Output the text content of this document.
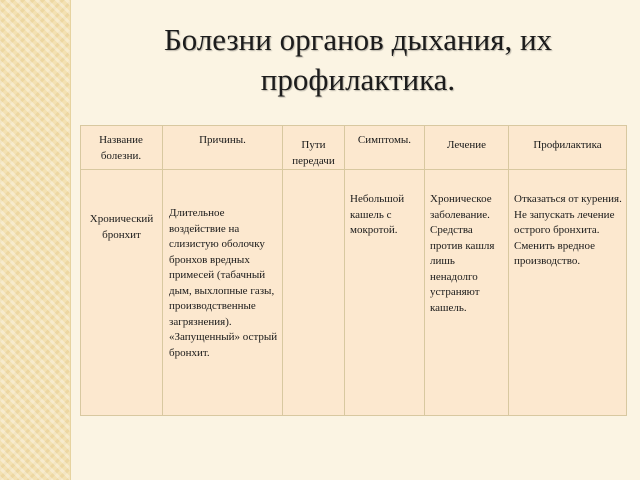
Болезни органов дыхания, их
профилактика.
Название болезни.	Причины.	Пути передачи	Симптомы.	Лечение	Профилактика

Хронический бронхит	Длительное воздействие на слизистую оболочку бронхов вредных примесей (табачный дым, выхлопные газы, производственные загрязнения). «Запущенный» острый бронхит.		Небольшой кашель с мокротой.	Хроническое заболевание. Средства против кашля лишь ненадолго устраняют кашель.	Отказаться от курения. Не запускать лечение острого бронхита. Сменить вредное производство.
